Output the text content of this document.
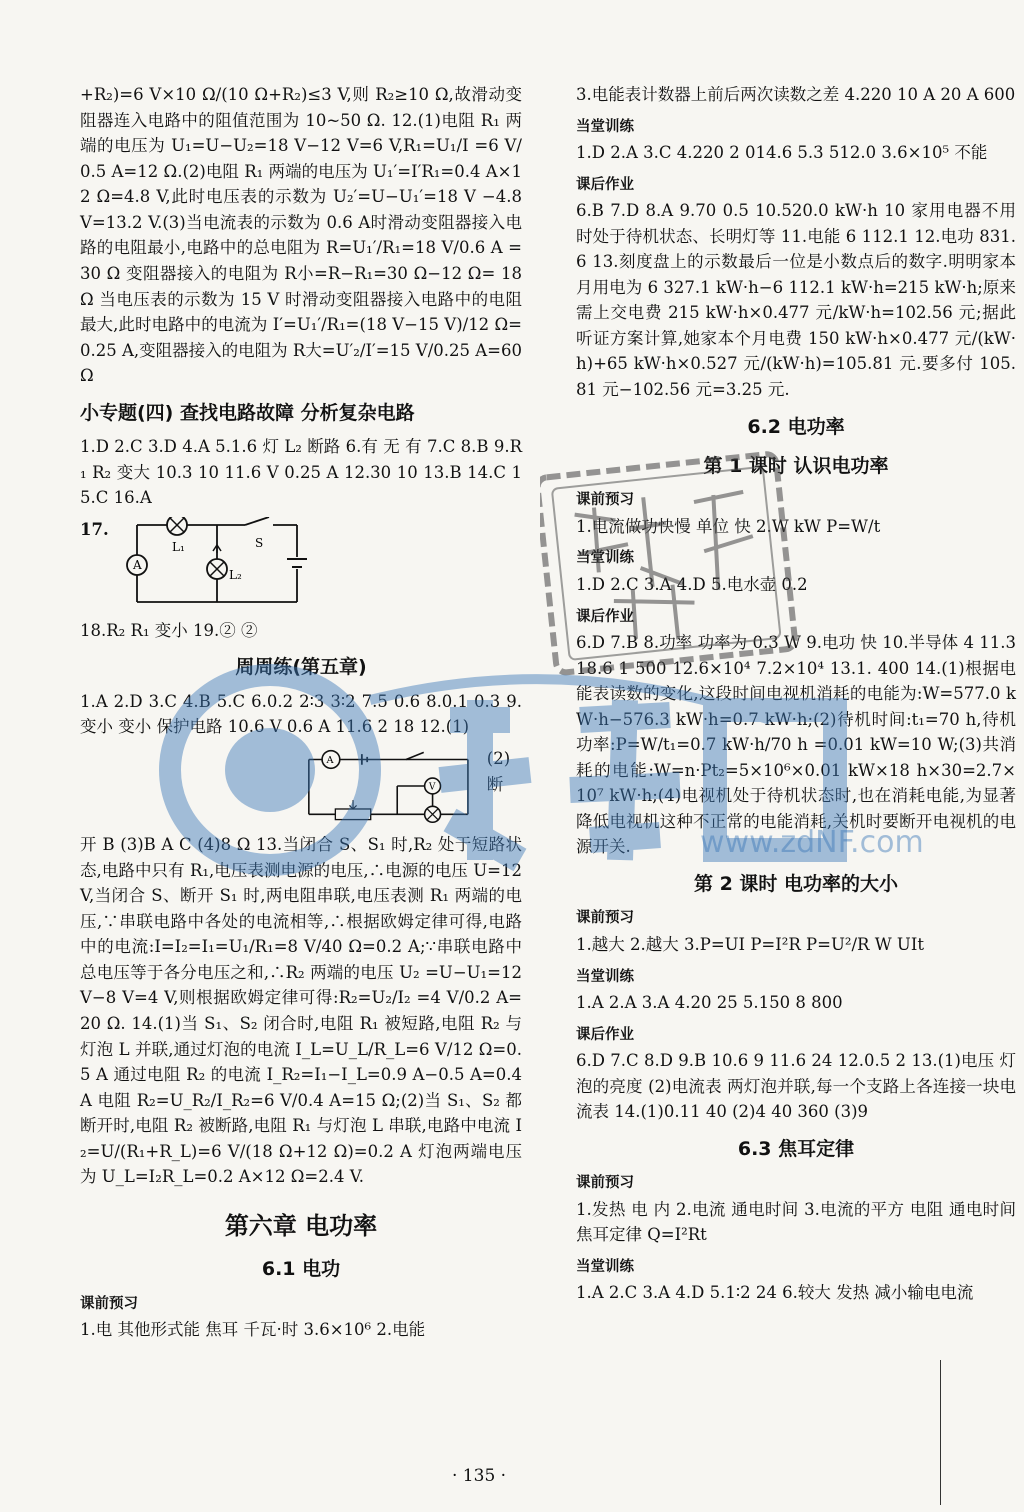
+R₂)=6 V×10 Ω/(10 Ω+R₂)≤3 V,则 R₂≥10 Ω,故滑动变阻器连入电路中的阻值范围为 10~50 Ω. 12.(1)电阻 R₁ 两端的电压为 U₁=U−U₂=18 V−12 V=6 V,R₁=U₁/I =6 V/0.5 A=12 Ω.(2)电阻 R₁ 两端的电压为 U₁′=I′R₁=0.4 A×12 Ω=4.8 V,此时电压表的示数为 U₂′=U−U₁′=18 V −4.8 V=13.2 V.(3)当电流表的示数为 0.6 A时滑动变阻器接入电路的电阻最小,电路中的总电阻为 R=U₁′/R₁=18 V/0.6 A =30 Ω 变阻器接入的电阻为 R小=R−R₁=30 Ω−12 Ω= 18 Ω 当电压表的示数为 15 V 时滑动变阻器接入电路中的电阻最大,此时电路中的电流为 I′=U₁′/R₁=(18 V−15 V)/12 Ω= 0.25 A,变阻器接入的电阻为 R大=U′₂/I′=15 V/0.25 A=60 Ω
小专题(四) 查找电路故障 分析复杂电路
1.D 2.C 3.D 4.A 5.1.6 灯 L₂ 断路 6.有 无 有 7.C 8.B 9.R₁ R₂ 变大 10.3 10 11.6 V 0.25 A 12.30 10 13.B 14.C 15.C 16.A
17.
A
L₁
L₂
S
18.R₂ R₁ 变小 19.② ②
周周练(第五章)
1.A 2.D 3.C 4.B 5.C 6.0.2 2∶3 3∶2 7.5 0.6 8.0.1 0.3 9.变小 变小 保护电路 10.6 V 0.6 A 11.6 2 18 12.(1)
A
V
(2)断
开 B (3)B A C (4)8 Ω 13.当闭合 S、S₁ 时,R₂ 处于短路状态,电路中只有 R₁,电压表测电源的电压,∴电源的电压 U=12 V,当闭合 S、断开 S₁ 时,两电阻串联,电压表测 R₁ 两端的电压,∵串联电路中各处的电流相等,∴根据欧姆定律可得,电路中的电流:I=I₂=I₁=U₁/R₁=8 V/40 Ω=0.2 A;∵串联电路中总电压等于各分电压之和,∴R₂ 两端的电压 U₂ =U−U₁=12 V−8 V=4 V,则根据欧姆定律可得:R₂=U₂/I₂ =4 V/0.2 A=20 Ω. 14.(1)当 S₁、S₂ 闭合时,电阻 R₁ 被短路,电阻 R₂ 与灯泡 L 并联,通过灯泡的电流 I_L=U_L/R_L=6 V/12 Ω=0.5 A 通过电阻 R₂ 的电流 I_R₂=I₁−I_L=0.9 A−0.5 A=0.4 A 电阻 R₂=U_R₂/I_R₂=6 V/0.4 A=15 Ω;(2)当 S₁、S₂ 都断开时,电阻 R₂ 被断路,电阻 R₁ 与灯泡 L 串联,电路中电流 I₂=U/(R₁+R_L)=6 V/(18 Ω+12 Ω)=0.2 A 灯泡两端电压为 U_L=I₂R_L=0.2 A×12 Ω=2.4 V.
第六章 电功率
6.1 电功
课前预习
1.电 其他形式能 焦耳 千瓦·时 3.6×10⁶ 2.电能
3.电能表计数器上前后两次读数之差 4.220 10 A 20 A 600
当堂训练
1.D 2.A 3.C 4.220 2 014.6 5.3 512.0 3.6×10⁵ 不能
课后作业
6.B 7.D 8.A 9.70 0.5 10.520.0 kW·h 10 家用电器不用时处于待机状态、长明灯等 11.电能 6 112.1 12.电功 831.6 13.刻度盘上的示数最后一位是小数点后的数字.明明家本月用电为 6 327.1 kW·h−6 112.1 kW·h=215 kW·h;原来需上交电费 215 kW·h×0.477 元/kW·h=102.56 元;据此听证方案计算,她家本个月电费 150 kW·h×0.477 元/(kW·h)+65 kW·h×0.527 元/(kW·h)=105.81 元.要多付 105.81 元−102.56 元=3.25 元.
6.2 电功率
第 1 课时 认识电功率
课前预习
1.电流做功快慢 单位 快 2.W kW P=W/t
当堂训练
1.D 2.C 3.A 4.D 5.电水壶 0.2
课后作业
6.D 7.B 8.功率 功率为 0.3 W 9.电功 快 10.半导体 4 11.318.6 1 500 12.6×10⁴ 7.2×10⁴ 13.1. 400 14.(1)根据电能表读数的变化,这段时间电视机消耗的电能为:W=577.0 kW·h−576.3 kW·h=0.7 kW·h;(2)待机时间:t₁=70 h,待机功率:P=W/t₁=0.7 kW·h/70 h =0.01 kW=10 W;(3)共消耗的电能:W=n·Pt₂=5×10⁶×0.01 kW×18 h×30=2.7×10⁷ kW·h;(4)电视机处于待机状态时,也在消耗电能,为显著降低电视机这种不正常的电能消耗,关机时要断开电视机的电源开关.
第 2 课时 电功率的大小
课前预习
1.越大 2.越大 3.P=UI P=I²R P=U²/R W UIt
当堂训练
1.A 2.A 3.A 4.20 25 5.150 8 800
课后作业
6.D 7.C 8.D 9.B 10.6 9 11.6 24 12.0.5 2 13.(1)电压 灯泡的亮度 (2)电流表 两灯泡并联,每一个支路上各连接一块电流表 14.(1)0.11 40 (2)4 40 360 (3)9
6.3 焦耳定律
课前预习
1.发热 电 内 2.电流 通电时间 3.电流的平方 电阻 通电时间 焦耳定律 Q=I²Rt
当堂训练
1.A 2.C 3.A 4.D 5.1∶2 24 6.较大 发热 减小输电电流
www.zdNF.com
· 135 ·
